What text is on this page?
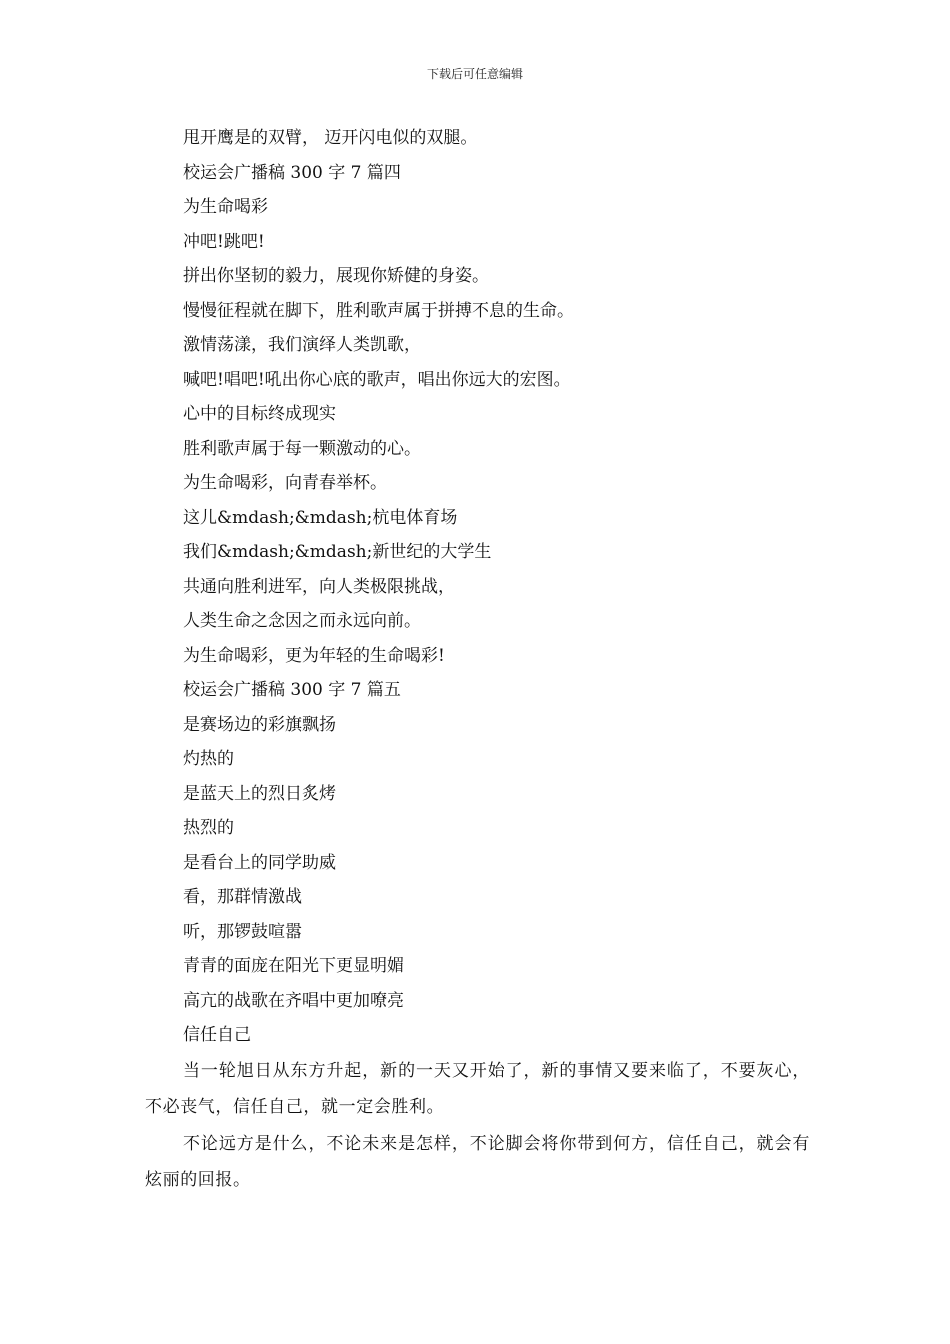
下载后可任意编辑
甩开鹰是的双臂， 迈开闪电似的双腿。
校运会广播稿 300 字 7 篇四
为生命喝彩
冲吧!跳吧!
拼出你坚韧的毅力，展现你矫健的身姿。
慢慢征程就在脚下，胜利歌声属于拼搏不息的生命。
激情荡漾，我们演绎人类凯歌，
喊吧!唱吧!吼出你心底的歌声，唱出你远大的宏图。
心中的目标终成现实
胜利歌声属于每一颗激动的心。
为生命喝彩，向青春举杯。
这儿&mdash;&mdash;杭电体育场
我们&mdash;&mdash;新世纪的大学生
共通向胜利进军，向人类极限挑战，
人类生命之念因之而永远向前。
为生命喝彩，更为年轻的生命喝彩!
校运会广播稿 300 字 7 篇五
是赛场边的彩旗飘扬
灼热的
是蓝天上的烈日炙烤
热烈的
是看台上的同学助威
看，那群情激战
听，那锣鼓喧嚣
青青的面庞在阳光下更显明媚
高亢的战歌在齐唱中更加嘹亮
信任自己

当一轮旭日从东方升起，新的一天又开始了，新的事情又要来临了，不要灰心，不必丧气，信任自己，就一定会胜利。

不论远方是什么，不论未来是怎样，不论脚会将你带到何方，信任自己，就会有炫丽的回报。
